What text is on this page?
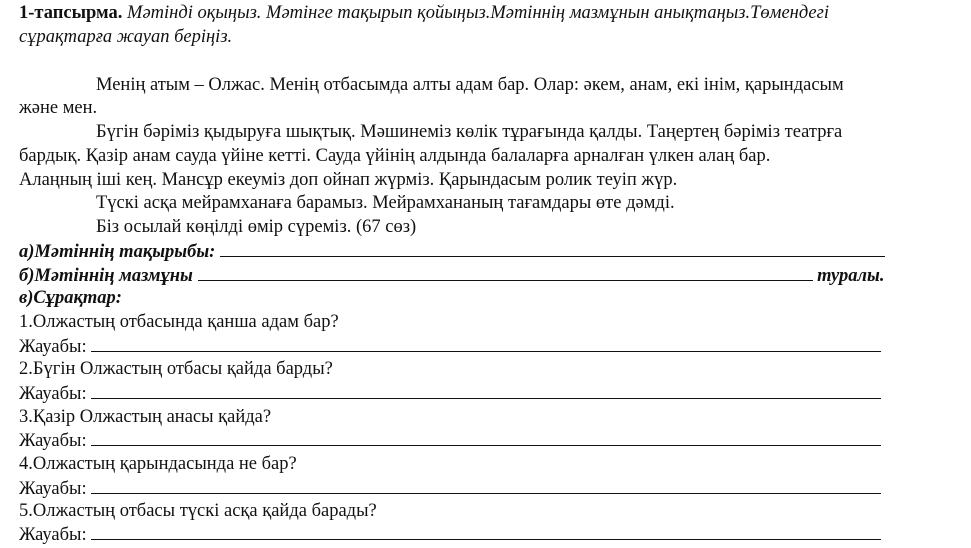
1-тапсырма. Мәтінді оқыңыз. Мәтінге тақырып қойыңыз.Мәтіннің мазмұнын анықтаңыз.Төмендегі
сұрақтарға жауап беріңіз.
Менің атым – Олжас. Менің отбасымда алты адам бар. Олар: әкем, анам, екі інім, қарындасым
және мен.
Бүгін бәріміз қыдыруға шықтық. Мәшинеміз көлік тұрағында қалды. Таңертең бәріміз театрға
бардық. Қазір анам сауда үйіне кетті. Сауда үйінің алдында балаларға арналған үлкен алаң бар.
Алаңның іші кең. Мансұр екеуміз доп ойнап жүрміз. Қарындасым ролик теуіп жүр.
Түскі асқа мейрамханаға барамыз. Мейрамхананың тағамдары өте дәмді.
Біз осылай көңілді өмір сүреміз. (67 сөз)
а)Мәтіннің тақырыбы:
б)Мәтіннің мазмұны	туралы.
в)Сұрақтар:
1.Олжастың отбасында қанша адам бар?
Жауабы:
2.Бүгін Олжастың отбасы қайда барды?
Жауабы:
3.Қазір Олжастың анасы қайда?
Жауабы:
4.Олжастың қарындасында не бар?
Жауабы:
5.Олжастың отбасы түскі асқа қайда барады?
Жауабы:
